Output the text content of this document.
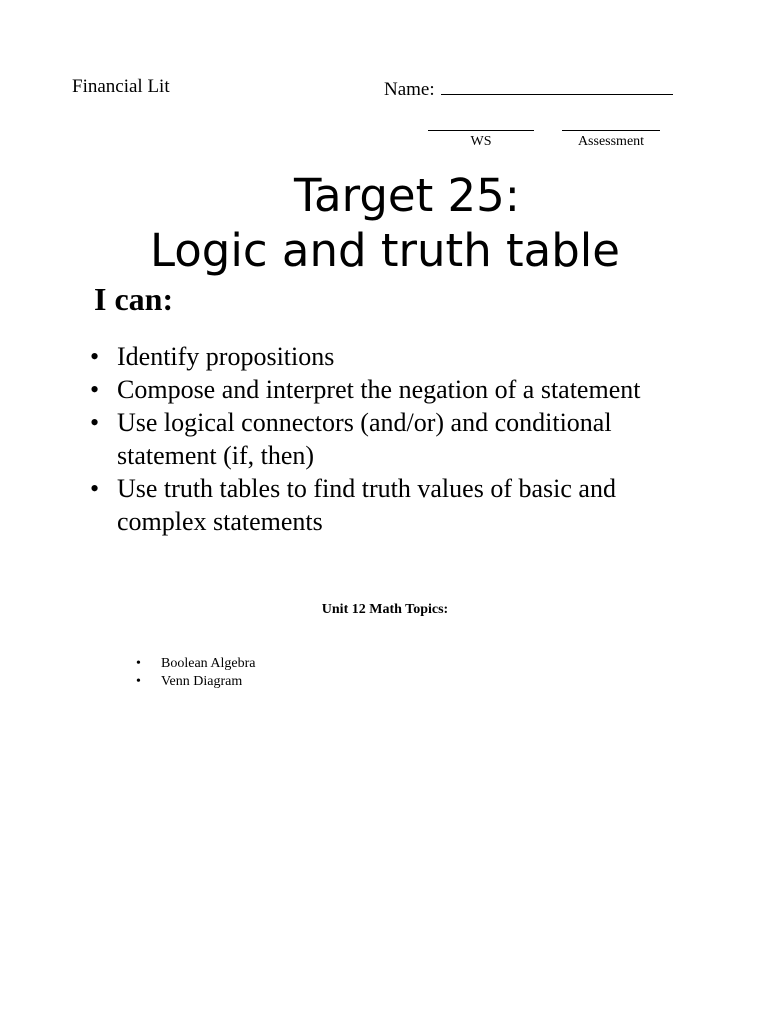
Financial Lit	Name:
WS	Assessment
Target 25:
Logic and truth table
I can:
• Identify propositions
• Compose and interpret the negation of a statement
• Use logical connectors (and/or) and conditional
statement (if, then)
• Use truth tables to find truth values of basic and
complex statements
Unit 12 Math Topics:
• Boolean Algebra
• Venn Diagram
